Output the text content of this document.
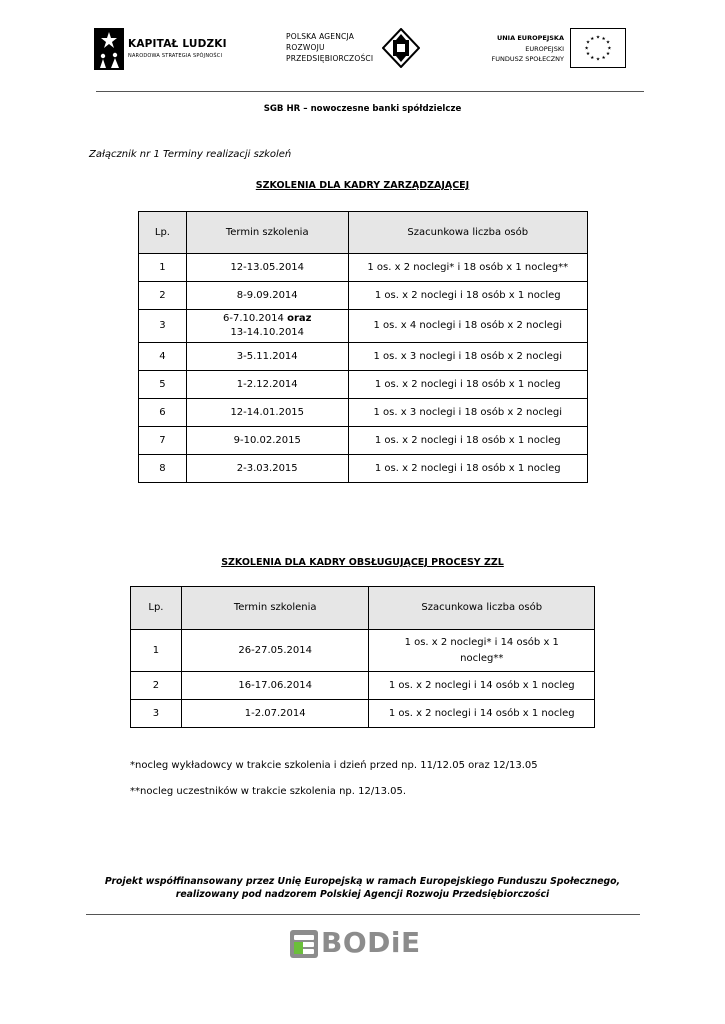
KAPITAŁ LUDZKI
NARODOWA STRATEGIA SPÓJNOŚCI
POLSKA AGENCJA
ROZWOJU
PRZEDSIĘBIORCZOŚCI
UNIA EUROPEJSKA
EUROPEJSKI
FUNDUSZ SPOŁECZNY
★ ★
★
★
★
★
★
★
★
★
★
★
SGB HR – nowoczesne banki spółdzielcze
Załącznik nr 1 Terminy realizacji szkoleń
SZKOLENIA DLA KADRY ZARZĄDZAJĄCEJ
Lp.	Termin szkolenia	Szacunkowa liczba osób
1	12-13.05.2014	1 os. x 2 noclegi* i 18 osób x 1 nocleg**
2	8-9.09.2014	1 os. x 2 noclegi i 18 osób x 1 nocleg
3	6-7.10.2014 oraz
13-14.10.2014	1 os. x 4 noclegi i 18 osób x 2 noclegi
4	3-5.11.2014	1 os. x 3 noclegi i 18 osób x 2 noclegi
5	1-2.12.2014	1 os. x 2 noclegi i 18 osób x 1 nocleg
6	12-14.01.2015	1 os. x 3 noclegi i 18 osób x 2 noclegi
7	9-10.02.2015	1 os. x 2 noclegi i 18 osób x 1 nocleg
8	2-3.03.2015	1 os. x 2 noclegi i 18 osób x 1 nocleg
SZKOLENIA DLA KADRY OBSŁUGUJĄCEJ PROCESY ZZL
Lp.	Termin szkolenia	Szacunkowa liczba osób
1	26-27.05.2014	1 os. x 2 noclegi* i 14 osób x 1
nocleg**
2	16-17.06.2014	1 os. x 2 noclegi i 14 osób x 1 nocleg
3	1-2.07.2014	1 os. x 2 noclegi i 14 osób x 1 nocleg
*nocleg wykładowcy w trakcie szkolenia i dzień przed np. 11/12.05 oraz 12/13.05
**nocleg uczestników w trakcie szkolenia np. 12/13.05.
Projekt współfinansowany przez Unię Europejską w ramach Europejskiego Funduszu Społecznego,
realizowany pod nadzorem Polskiej Agencji Rozwoju Przedsiębiorczości
BODiE
